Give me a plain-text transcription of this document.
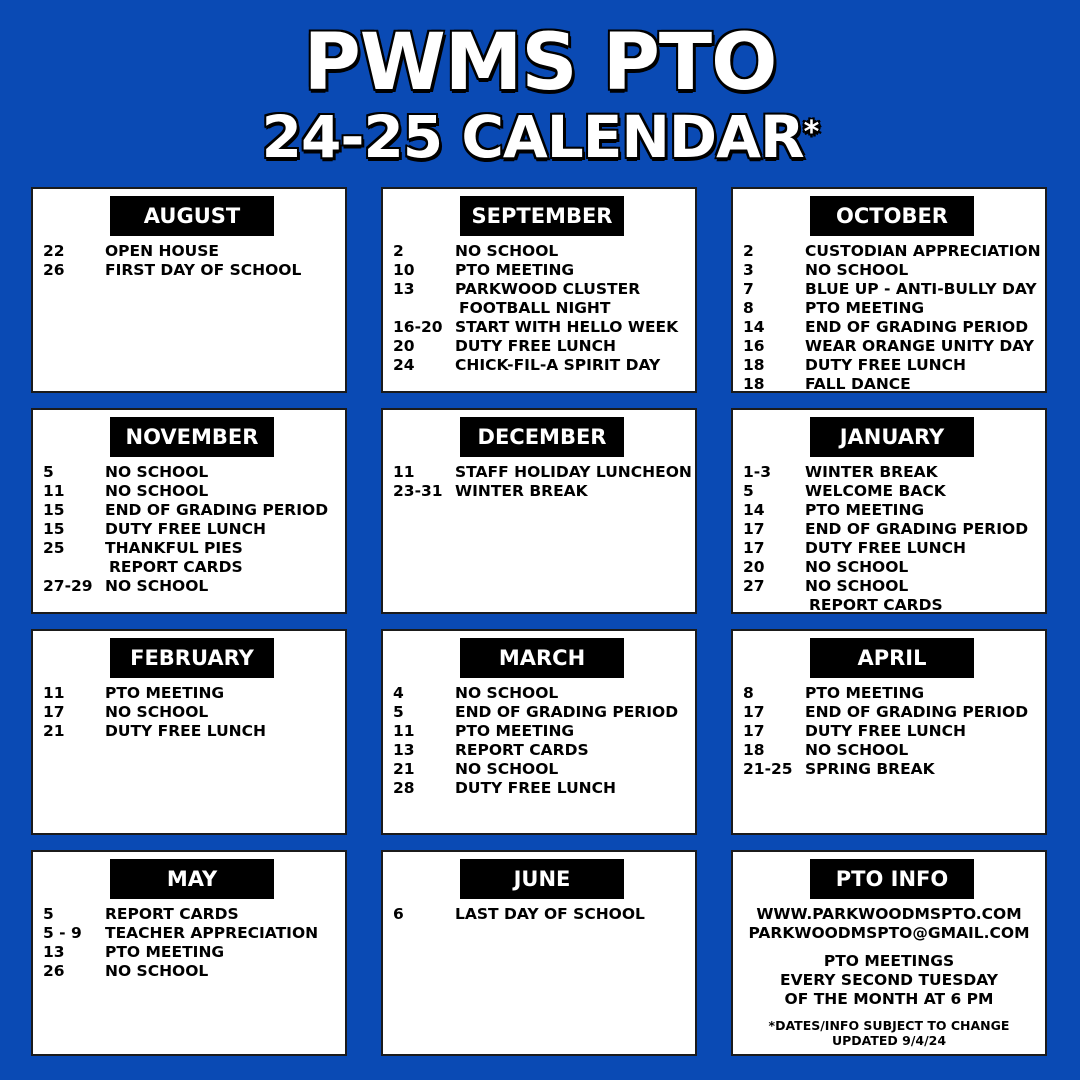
PWMS PTO
24-25 CALENDAR*
AUGUST
22	OPEN HOUSE
26	FIRST DAY OF SCHOOL
SEPTEMBER
2	NO SCHOOL
10	PTO MEETING
13	PARKWOOD CLUSTER
FOOTBALL NIGHT
16-20 START WITH HELLO WEEK
20	DUTY FREE LUNCH
24	CHICK-FIL-A SPIRIT DAY
OCTOBER
2	CUSTODIAN APPRECIATION
3	NO SCHOOL
7	BLUE UP - ANTI-BULLY DAY
8	PTO MEETING
14	END OF GRADING PERIOD
16	WEAR ORANGE UNITY DAY
18	DUTY FREE LUNCH
18	FALL DANCE
NOVEMBER
5	NO SCHOOL
11	NO SCHOOL
15	END OF GRADING PERIOD
15	DUTY FREE LUNCH
25	THANKFUL PIES
REPORT CARDS
27-29 NO SCHOOL
DECEMBER
11	STAFF HOLIDAY LUNCHEON
23-31 WINTER BREAK
JANUARY
1-3	WINTER BREAK
5	WELCOME BACK
14	PTO MEETING
17	END OF GRADING PERIOD
17	DUTY FREE LUNCH
20	NO SCHOOL
27	NO SCHOOL
REPORT CARDS
FEBRUARY
11	PTO MEETING
17	NO SCHOOL
21	DUTY FREE LUNCH
MARCH
4	NO SCHOOL
5	END OF GRADING PERIOD
11	PTO MEETING
13	REPORT CARDS
21	NO SCHOOL
28	DUTY FREE LUNCH
APRIL
8	PTO MEETING
17	END OF GRADING PERIOD
17	DUTY FREE LUNCH
18	NO SCHOOL
21-25 SPRING BREAK
MAY
5	REPORT CARDS
5 - 9	TEACHER APPRECIATION
13	PTO MEETING
26	NO SCHOOL
JUNE
6	LAST DAY OF SCHOOL
PTO INFO
WWW.PARKWOODMSPTO.COM
PARKWOODMSPTO@GMAIL.COM
PTO MEETINGS
EVERY SECOND TUESDAY
OF THE MONTH AT 6 PM
*DATES/INFO SUBJECT TO CHANGE
UPDATED 9/4/24
